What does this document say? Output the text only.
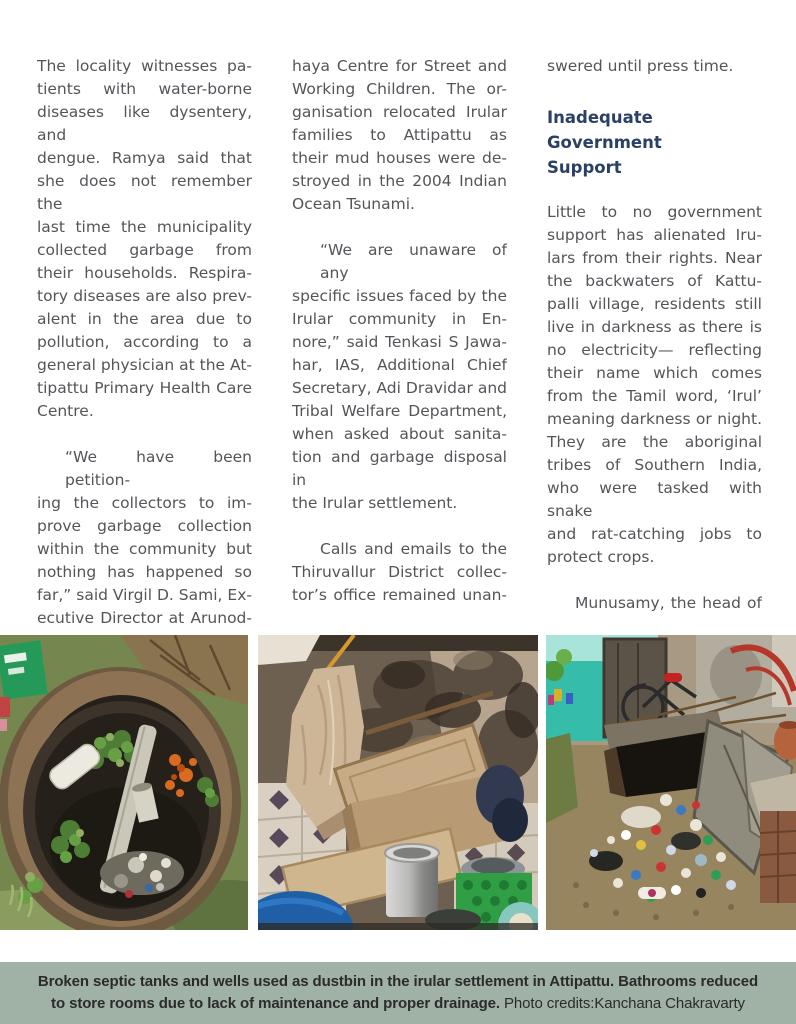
The locality witnesses pa-
tients with water-borne
diseases like dysentery, and
dengue. Ramya said that
she does not remember the
last time the municipality
collected garbage from
their households. Respira-
tory diseases are also prev-
alent in the area due to
pollution, according to a
general physician at the At-
tipattu Primary Health Care
Centre.
“We have been petition-
ing the collectors to im-
prove garbage collection
within the community but
nothing has happened so
far,” said Virgil D. Sami, Ex-
ecutive Director at Arunod-
haya Centre for Street and
Working Children. The or-
ganisation relocated Irular
families to Attipattu as
their mud houses were de-
stroyed in the 2004 Indian
Ocean Tsunami.
“We are unaware of any
specific issues faced by the
Irular community in En-
nore,” said Tenkasi S Jawa-
har, IAS, Additional Chief
Secretary, Adi Dravidar and
Tribal Welfare Department,
when asked about sanita-
tion and garbage disposal in
the Irular settlement.
Calls and emails to the
Thiruvallur District collec-
tor’s office remained unan-
swered until press time.
Inadequate Government
Support
Little to no government
support has alienated Iru-
lars from their rights. Near
the backwaters of Kattu-
palli village, residents still
live in darkness as there is
no electricity— reflecting
their name which comes
from the Tamil word, ‘Irul’
meaning darkness or night.
They are the aboriginal
tribes of Southern India,
who were tasked with snake
and rat-catching jobs to
protect crops.
Munusamy, the head of
Broken septic tanks and wells used as dustbin in the irular settlement in Attipattu. Bathrooms reduced
to store rooms due to lack of maintenance and proper drainage. Photo credits:Kanchana Chakravarty
